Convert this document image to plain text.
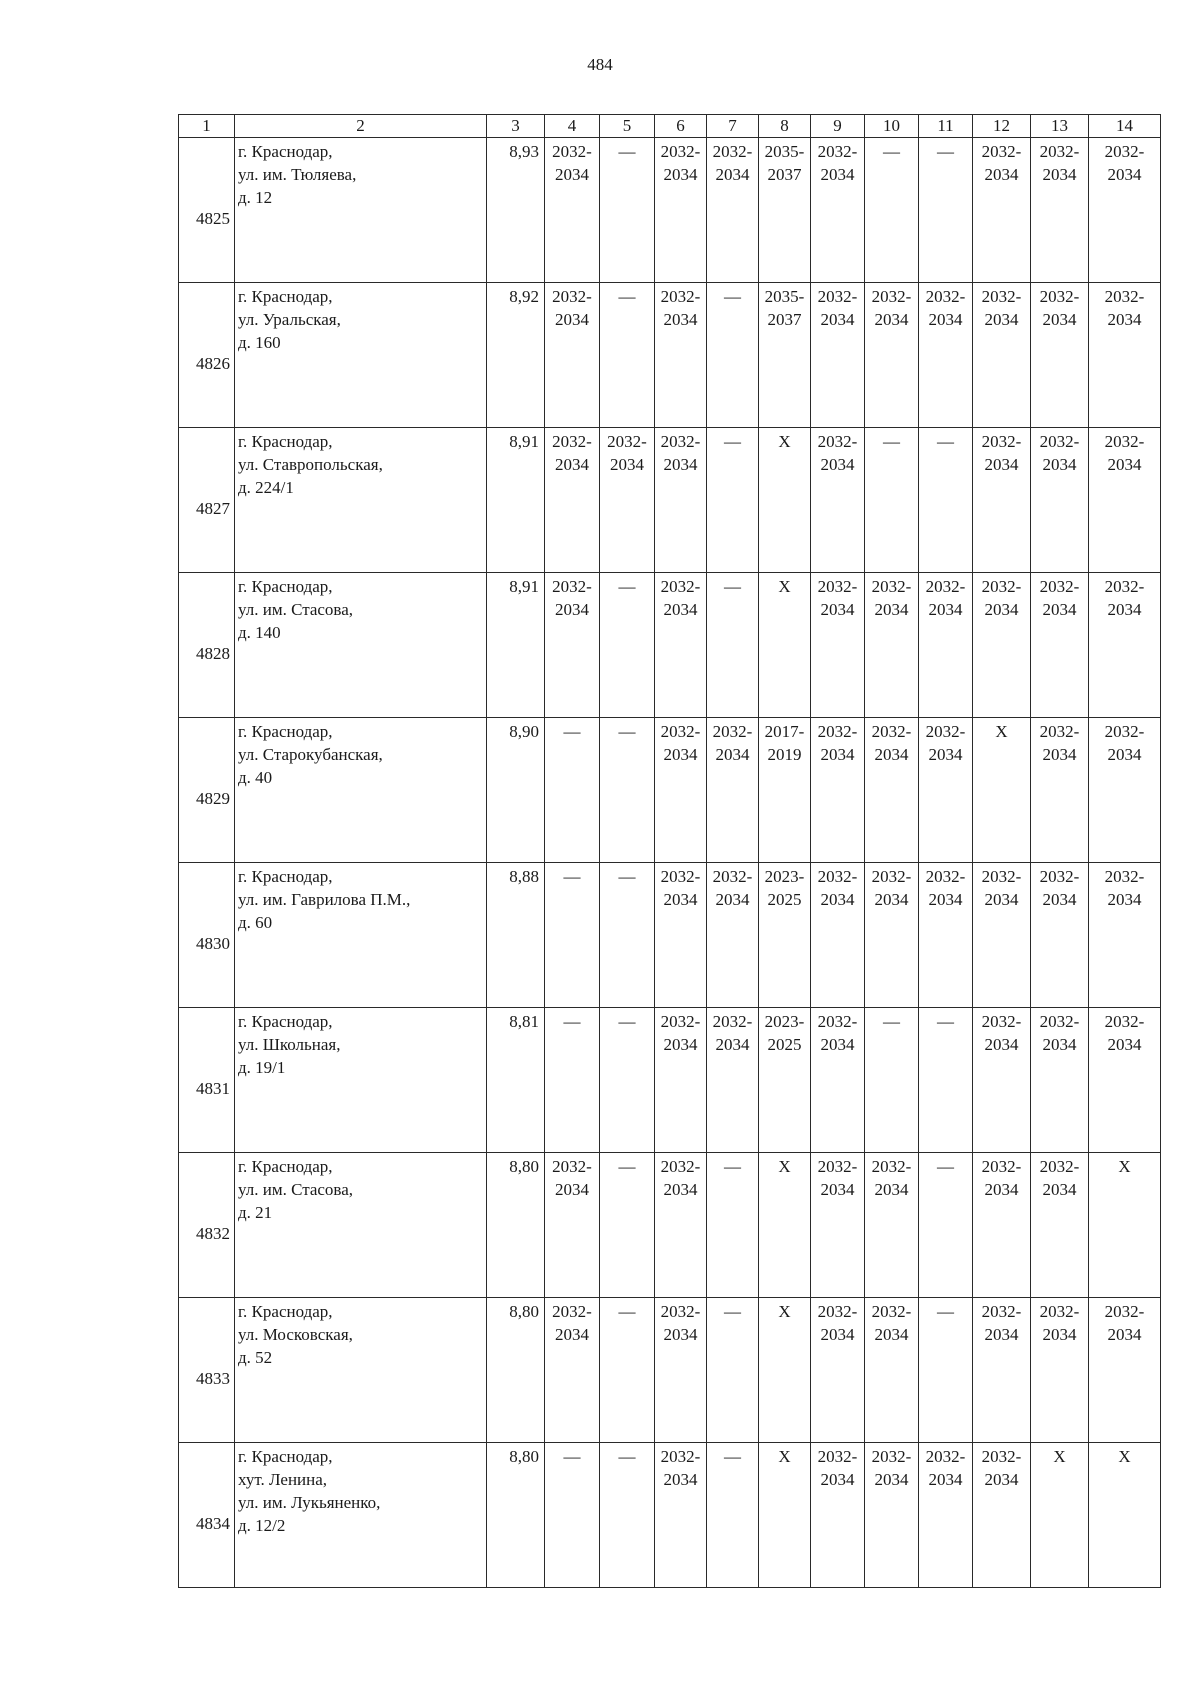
484
1	2	3	4	5	6	7	8	9	10	11	12	13	14
4825	г. Краснодар,
ул. им. Тюляева,
д. 12	8,93	2032-
2034	—	2032-
2034	2032-
2034	2035-
2037	2032-
2034	—	—	2032-
2034	2032-
2034	2032-
2034

4826	г. Краснодар,
ул. Уральская,
д. 160	8,92	2032-
2034	—	2032-
2034	—	2035-
2037	2032-
2034	2032-
2034	2032-
2034	2032-
2034	2032-
2034	2032-
2034

4827	г. Краснодар,
ул. Ставропольская,
д. 224/1	8,91	2032-
2034	2032-
2034	2032-
2034	—	X	2032-
2034	—	—	2032-
2034	2032-
2034	2032-
2034

4828	г. Краснодар,
ул. им. Стасова,
д. 140	8,91	2032-
2034	—	2032-
2034	—	X	2032-
2034	2032-
2034	2032-
2034	2032-
2034	2032-
2034	2032-
2034

4829	г. Краснодар,
ул. Старокубанская,
д. 40	8,90	—	—	2032-
2034	2032-
2034	2017-
2019	2032-
2034	2032-
2034	2032-
2034	X	2032-
2034	2032-
2034

4830	г. Краснодар,
ул. им. Гаврилова П.М.,
д. 60	8,88	—	—	2032-
2034	2032-
2034	2023-
2025	2032-
2034	2032-
2034	2032-
2034	2032-
2034	2032-
2034	2032-
2034

4831	г. Краснодар,
ул. Школьная,
д. 19/1	8,81	—	—	2032-
2034	2032-
2034	2023-
2025	2032-
2034	—	—	2032-
2034	2032-
2034	2032-
2034

4832	г. Краснодар,
ул. им. Стасова,
д. 21	8,80	2032-
2034	—	2032-
2034	—	X	2032-
2034	2032-
2034	—	2032-
2034	2032-
2034	X

4833	г. Краснодар,
ул. Московская,
д. 52	8,80	2032-
2034	—	2032-
2034	—	X	2032-
2034	2032-
2034	—	2032-
2034	2032-
2034	2032-
2034

4834	г. Краснодар,
хут. Ленина,
ул. им. Лукьяненко,
д. 12/2	8,80	—	—	2032-
2034	—	X	2032-
2034	2032-
2034	2032-
2034	2032-
2034	X	X
